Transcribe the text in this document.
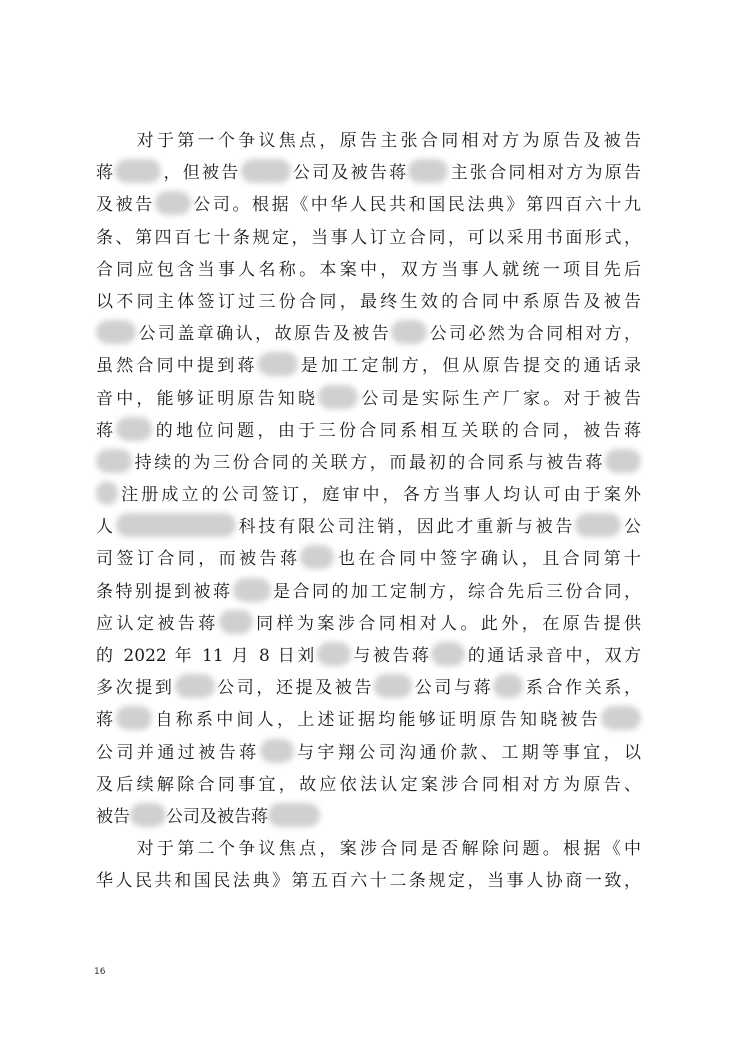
　　对于第一个争议焦点，原告主张合同相对方为原告及被告
蒋	，但被告	公司及被告蒋 主张合同相对方为原告
及被告 公司。根据《中华人民共和国民法典》第四百六十九
条、第四百七十条规定，当事人订立合同，可以采用书面形式，
合同应包含当事人名称。本案中，双方当事人就统一项目先后
以不同主体签订过三份合同，最终生效的合同中系原告及被告
公司盖章确认，故原告及被告 公司必然为合同相对方，
虽然合同中提到蒋 是加工定制方，但从原告提交的通话录
音中，能够证明原告知晓 公司是实际生产厂家。对于被告
蒋 的地位问题，由于三份合同系相互关联的合同，被告蒋
持续的为三份合同的关联方，而最初的合同系与被告蒋
注册成立的公司签订，庭审中，各方当事人均认可由于案外
人	科技有限公司注销，因此才重新与被告	公
司签订合同，而被告蒋 也在合同中签字确认，且合同第十
条特别提到被蒋 是合同的加工定制方，综合先后三份合同，
应认定被告蒋 同样为案涉合同相对人。此外，在原告提供
的 2022 年 11 月 8 日刘 与被告蒋 的通话录音中，双方
多次提到 公司，还提及被告 公司与蒋 系合作关系，
蒋 自称系中间人，上述证据均能够证明原告知晓被告
公司并通过被告蒋 与宇翔公司沟通价款、工期等事宜，以
及后续解除合同事宜，故应依法认定案涉合同相对方为原告、
被告 公司及被告蒋
　　对于第二个争议焦点，案涉合同是否解除问题。根据《中
华人民共和国民法典》第五百六十二条规定，当事人协商一致，
16
